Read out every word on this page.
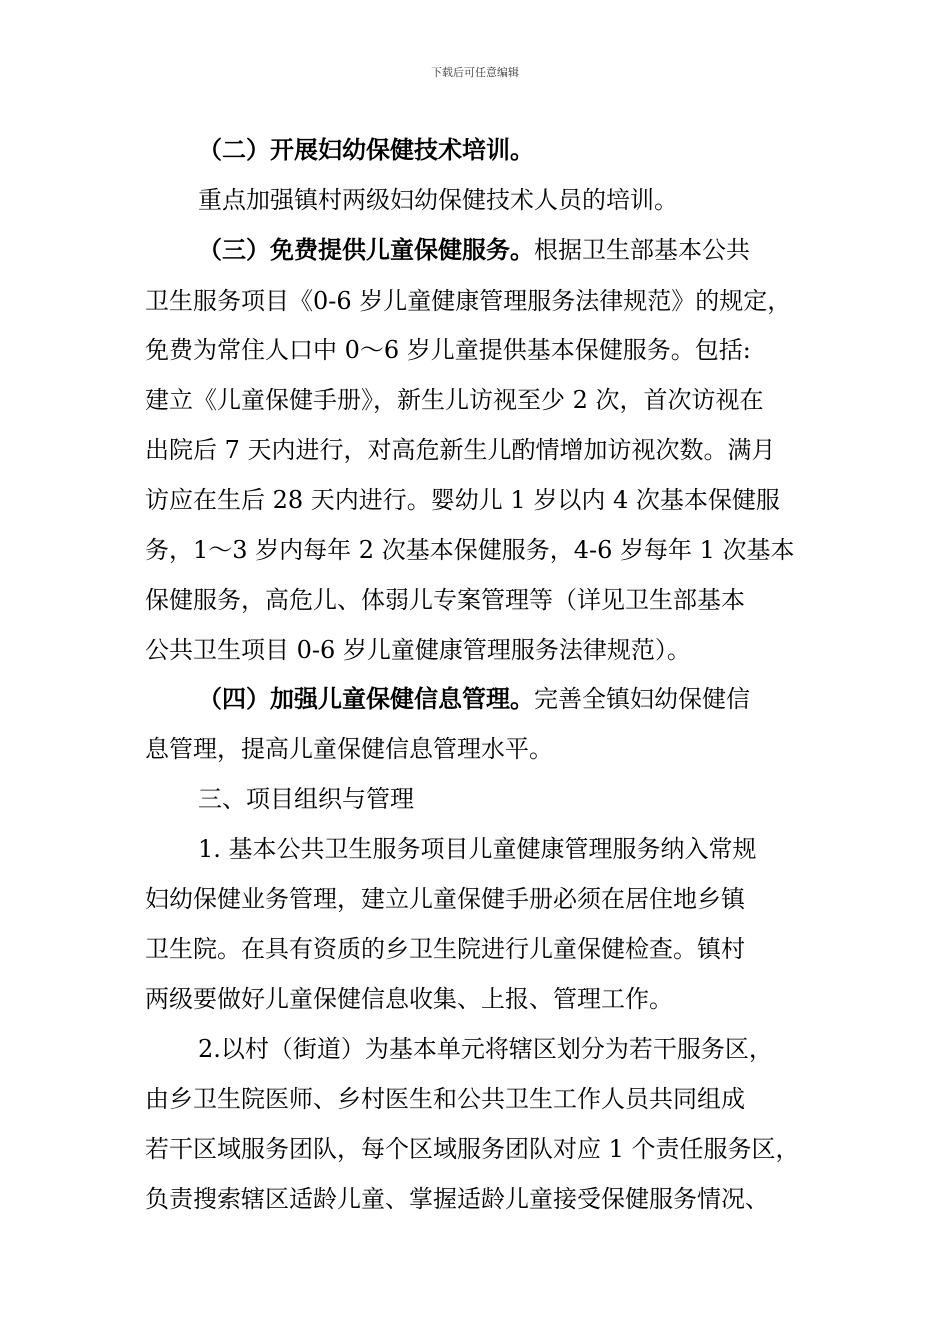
下载后可任意编辑
（二）开展妇幼保健技术培训。
重点加强镇村两级妇幼保健技术人员的培训。
（三）免费提供儿童保健服务。根据卫生部基本公共
卫生服务项目《0-6 岁儿童健康管理服务法律规范》的规定，
免费为常住人口中 0～6 岁儿童提供基本保健服务。包括:
建立《儿童保健手册》，新生儿访视至少 2 次，首次访视在
出院后 7 天内进行，对高危新生儿酌情增加访视次数。满月
访应在生后 28 天内进行。婴幼儿 1 岁以内 4 次基本保健服
务，1～3 岁内每年 2 次基本保健服务，4-6 岁每年 1 次基本
保健服务，高危儿、体弱儿专案管理等（详见卫生部基本
公共卫生项目 0-6 岁儿童健康管理服务法律规范）。
（四）加强儿童保健信息管理。完善全镇妇幼保健信
息管理，提高儿童保健信息管理水平。
三、项目组织与管理
1. 基本公共卫生服务项目儿童健康管理服务纳入常规
妇幼保健业务管理，建立儿童保健手册必须在居住地乡镇
卫生院。在具有资质的乡卫生院进行儿童保健检查。镇村
两级要做好儿童保健信息收集、上报、管理工作。
2.以村（街道）为基本单元将辖区划分为若干服务区，
由乡卫生院医师、乡村医生和公共卫生工作人员共同组成
若干区域服务团队，每个区域服务团队对应 1 个责任服务区，
负责搜索辖区适龄儿童、掌握适龄儿童接受保健服务情况、
